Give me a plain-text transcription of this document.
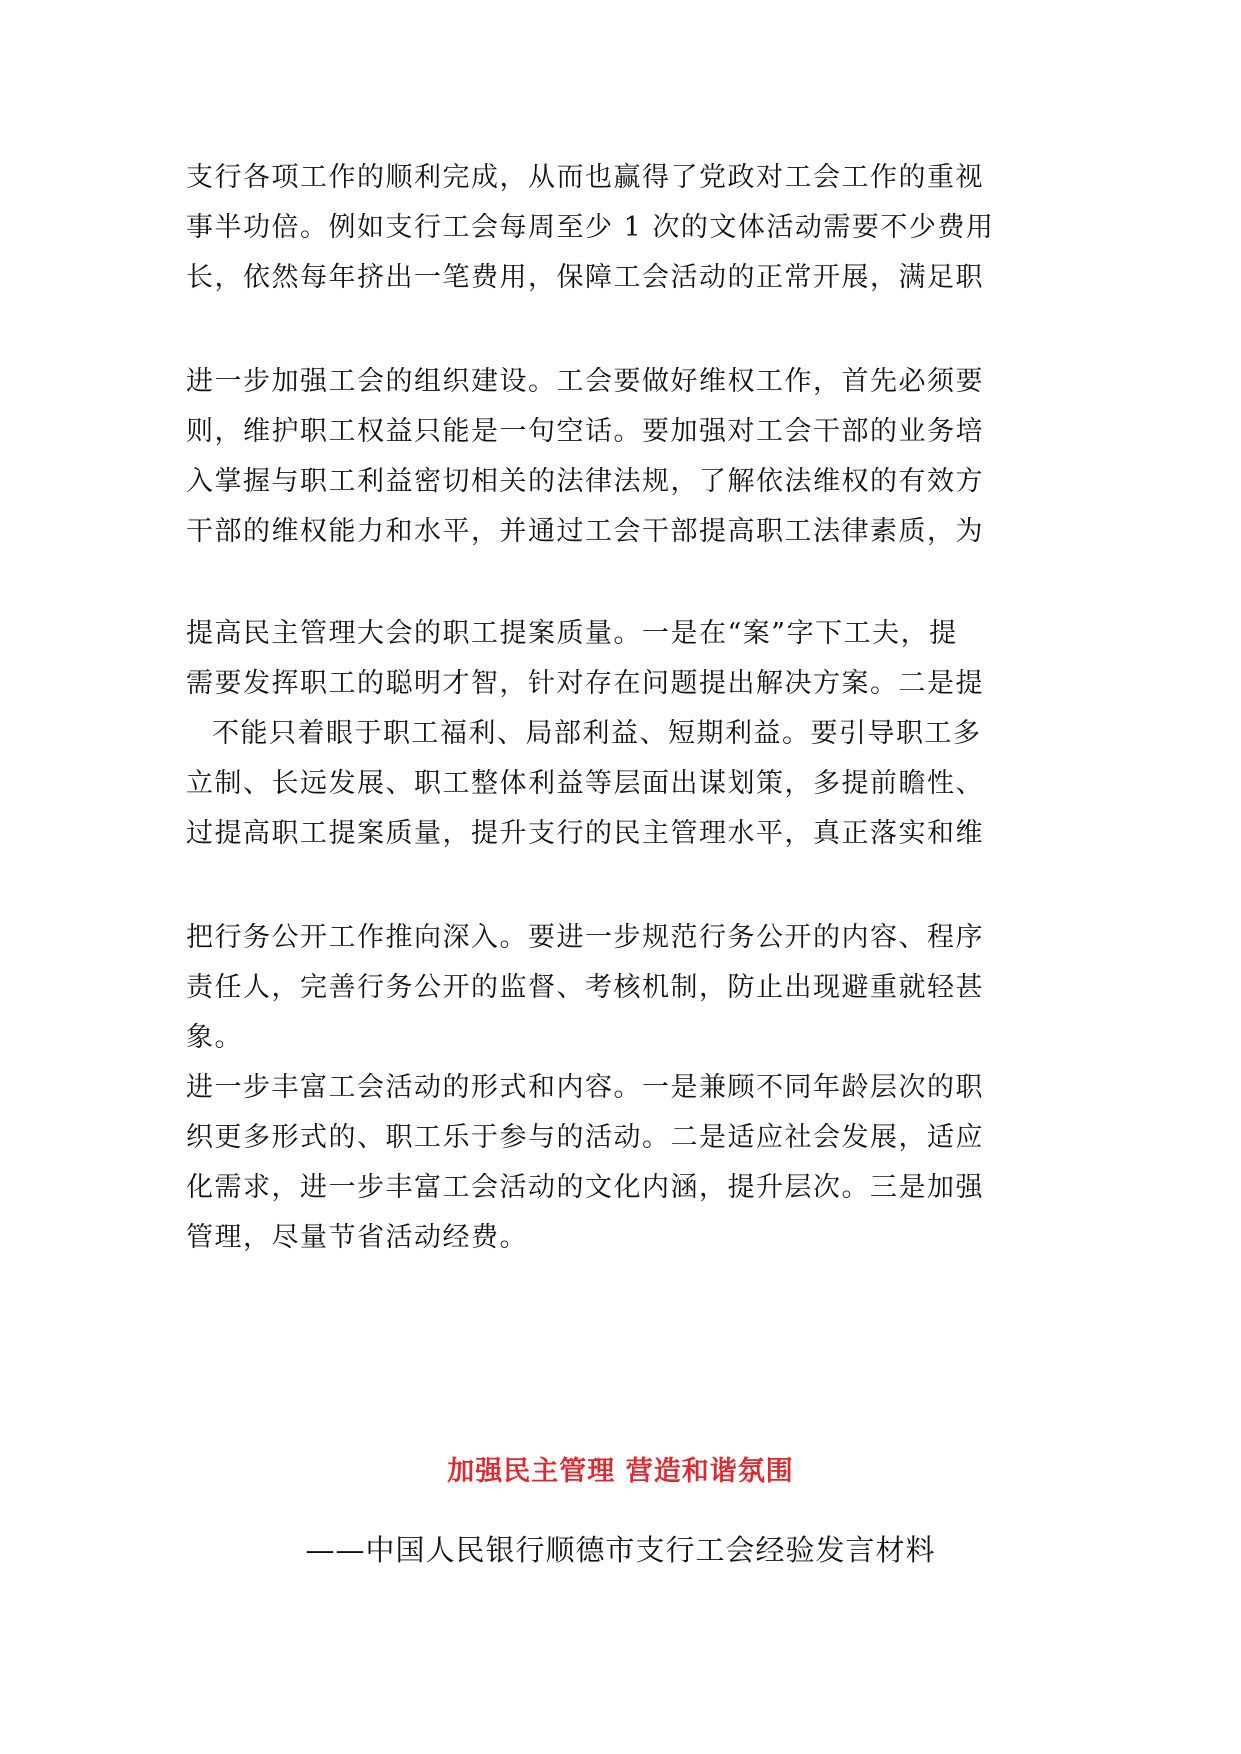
支行各项工作的顺利完成，从而也赢得了党政对工会工作的重视
事半功倍。例如支行工会每周至少 1 次的文体活动需要不少费用
长，依然每年挤出一笔费用，保障工会活动的正常开展，满足职
进一步加强工会的组织建设。工会要做好维权工作，首先必须要
则，维护职工权益只能是一句空话。要加强对工会干部的业务培
入掌握与职工利益密切相关的法律法规，了解依法维权的有效方
干部的维权能力和水平，并通过工会干部提高职工法律素质，为
提高民主管理大会的职工提案质量。一是在“案”字下工夫，提
需要发挥职工的聪明才智，针对存在问题提出解决方案。二是提
不能只着眼于职工福利、局部利益、短期利益。要引导职工多
立制、长远发展、职工整体利益等层面出谋划策，多提前瞻性、
过提高职工提案质量，提升支行的民主管理水平，真正落实和维
把行务公开工作推向深入。要进一步规范行务公开的内容、程序
责任人，完善行务公开的监督、考核机制，防止出现避重就轻甚
象。
进一步丰富工会活动的形式和内容。一是兼顾不同年龄层次的职
织更多形式的、职工乐于参与的活动。二是适应社会发展，适应
化需求，进一步丰富工会活动的文化内涵，提升层次。三是加强
管理，尽量节省活动经费。
加强民主管理 营造和谐氛围
——中国人民银行顺德市支行工会经验发言材料
